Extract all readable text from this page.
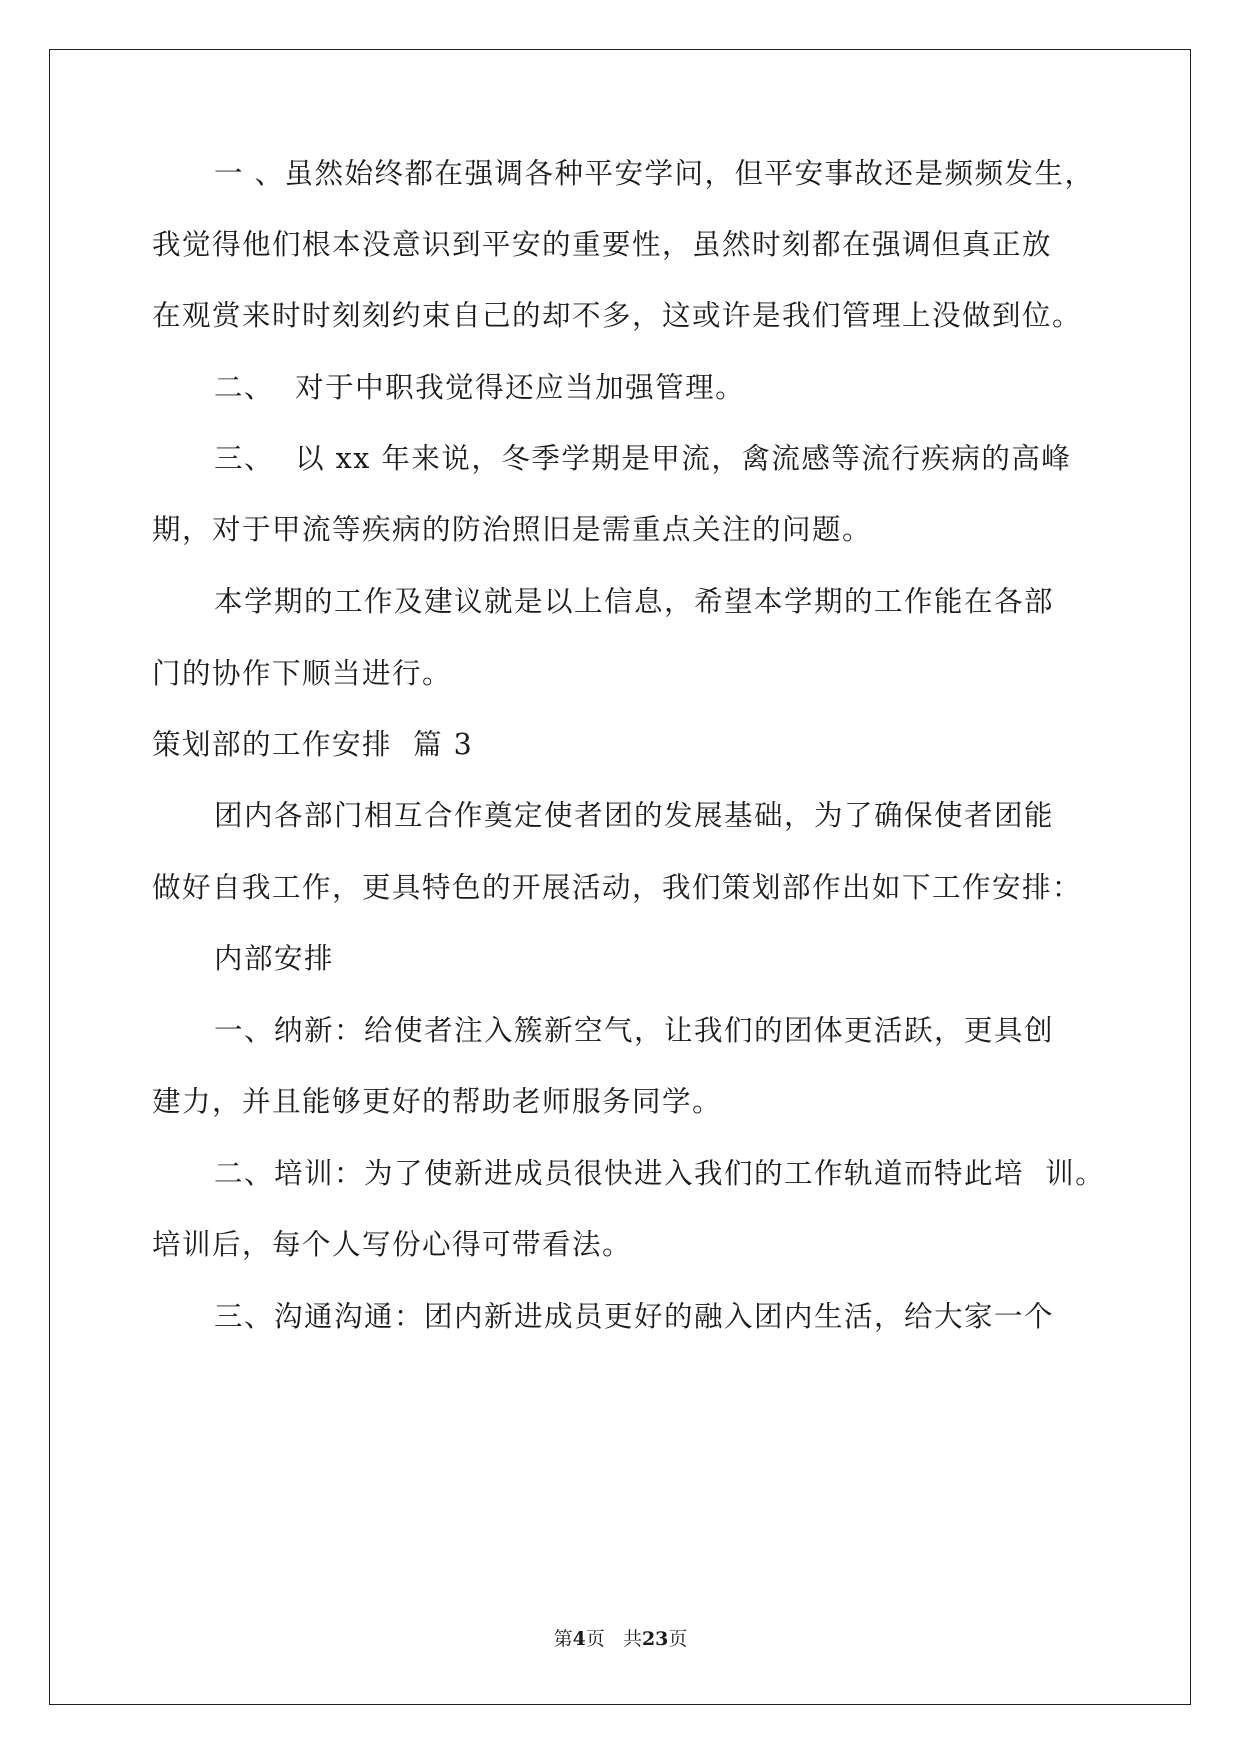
一 、虽然始终都在强调各种平安学问，但平安事故还是频频发生，
我觉得他们根本没意识到平安的重要性，虽然时刻都在强调但真正放
在观赏来时时刻刻约束自己的却不多，这或许是我们管理上没做到位。
二、  对于中职我觉得还应当加强管理。
三、  以 xx 年来说，冬季学期是甲流，禽流感等流行疾病的高峰
期，对于甲流等疾病的防治照旧是需重点关注的问题。
本学期的工作及建议就是以上信息，希望本学期的工作能在各部
门的协作下顺当进行。
策划部的工作安排  篇 3
团内各部门相互合作奠定使者团的发展基础，为了确保使者团能
做好自我工作，更具特色的开展活动，我们策划部作出如下工作安排：
内部安排
一、纳新：给使者注入簇新空气，让我们的团体更活跃，更具创
建力，并且能够更好的帮助老师服务同学。
二、培训：为了使新进成员很快进入我们的工作轨道而特此培  训。
培训后，每个人写份心得可带看法。
三、沟通沟通：团内新进成员更好的融入团内生活，给大家一个
第4页   共23页
